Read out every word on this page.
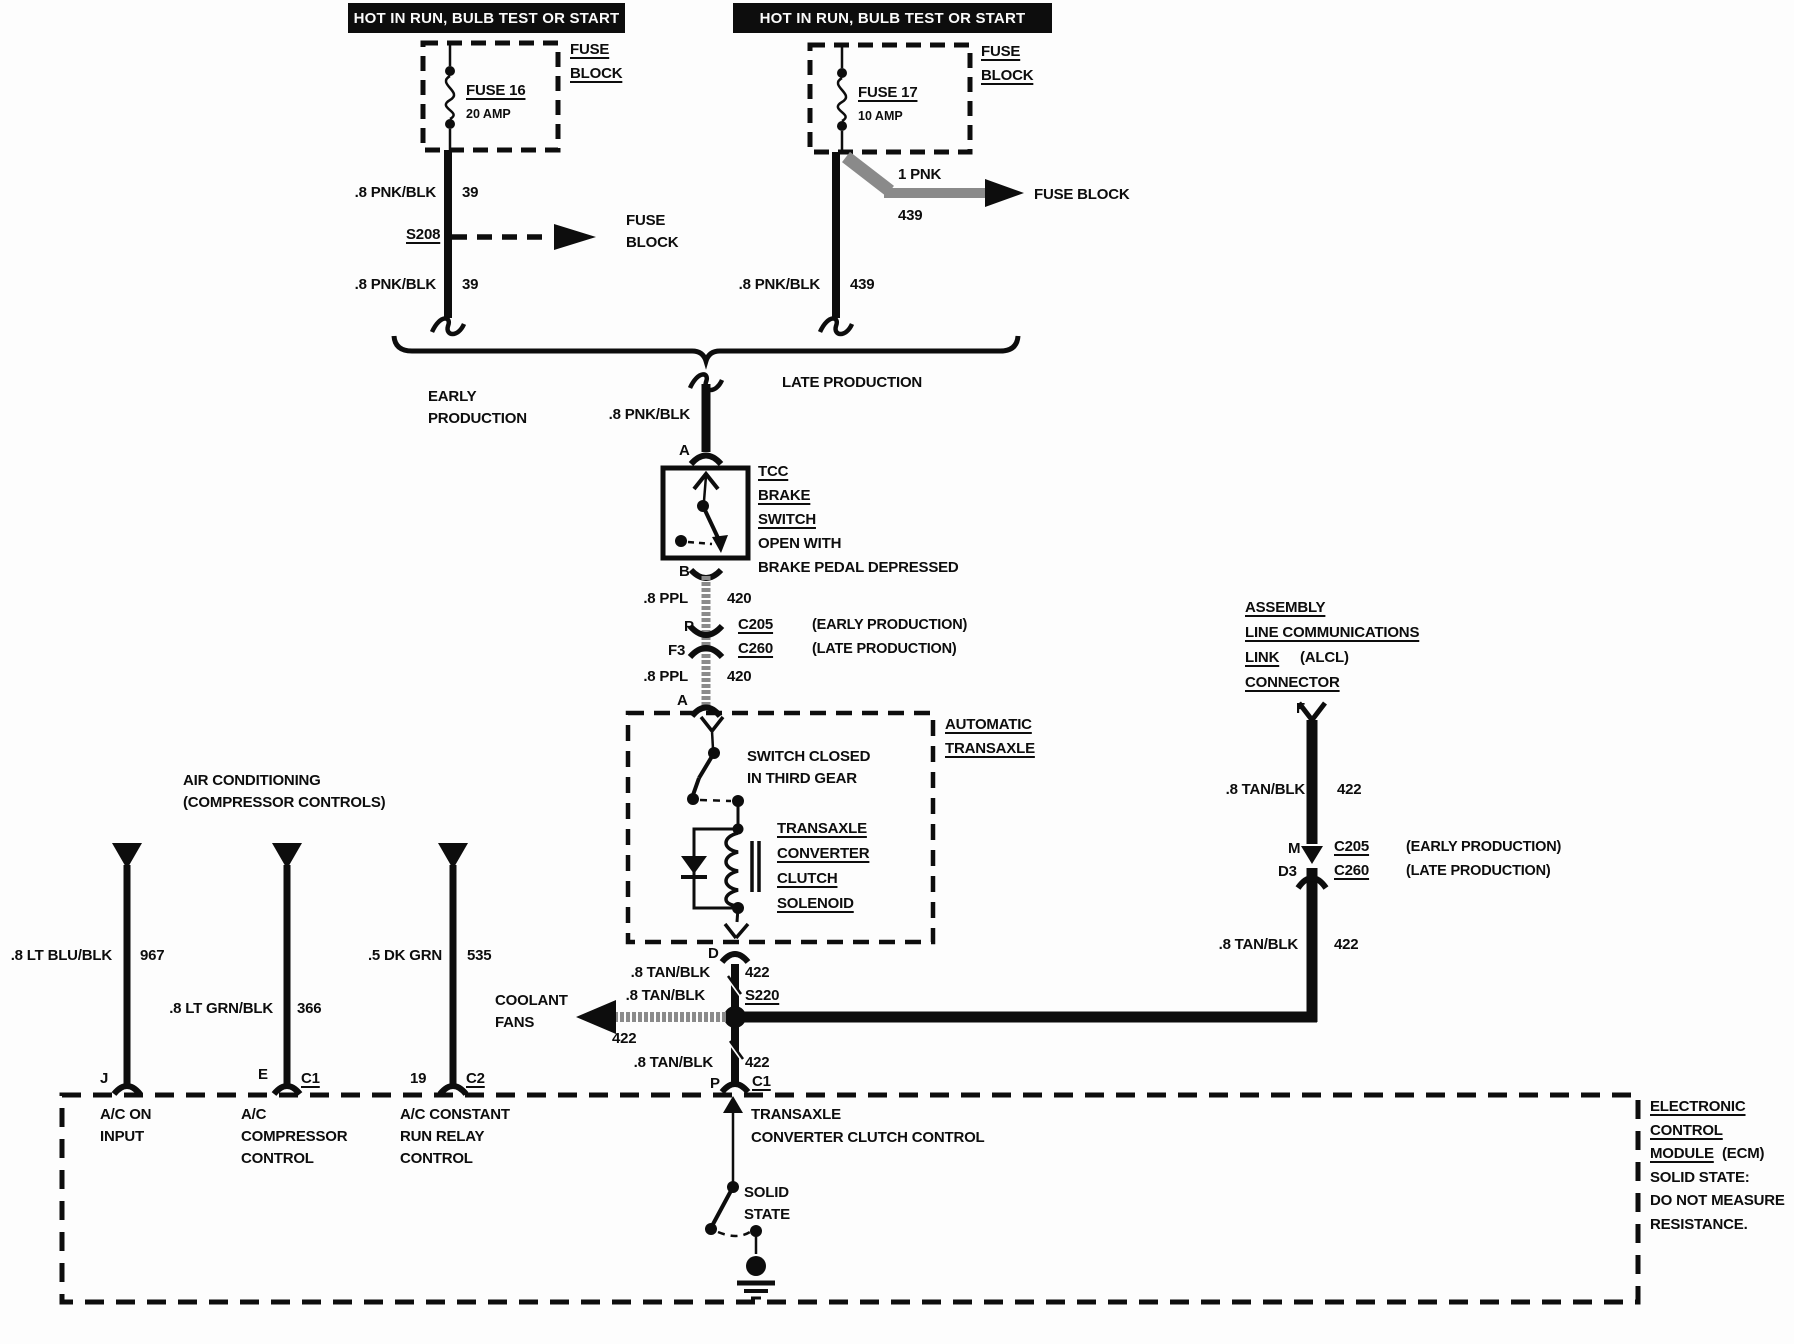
HOT IN RUN, BULB TEST OR START	HOT IN RUN, BULB TEST OR START
FUSE 16
20 AMP
FUSE
BLOCK
FUSE 17
10 AMP
FUSE
BLOCK
.8 PNK/BLK 39
S208
FUSE BLOCK
.8 PNK/BLK 39
1 PNK
439
FUSE BLOCK
.8 PNK/BLK 439
EARLY PRODUCTION
LATE PRODUCTION
.8 PNK/BLK
A
TCC
BRAKE
SWITCH
OPEN WITH
BRAKE PEDAL DEPRESSED
B
.8 PPL	420
P	C205	(EARLY PRODUCTION)
F3	C260	(LATE PRODUCTION)
.8 PPL	420
A
AUTOMATIC
TRANSAXLE
SWITCH CLOSED IN THIRD GEAR
TRANSAXLE
CONVERTER
CLUTCH
SOLENOID
D
.8 TAN/BLK 422
.8 TAN/BLK	S220
COOLANT FANS
422
.8 TAN/BLK 422
P C1
ASSEMBLY
LINE COMMUNICATIONS
LINK (ALCL)
CONNECTOR
F
.8 TAN/BLK 422
M C205	(EARLY PRODUCTION)
D3 C260	(LATE PRODUCTION)
.8 TAN/BLK 422
AIR CONDITIONING (COMPRESSOR CONTROLS)
.8 LT BLU/BLK 967
.8 LT GRN/BLK 366
.5 DK GRN 535
J	E C1	19	C2
A/C ON INPUT
A/C COMPRESSOR CONTROL
A/C CONSTANT RUN RELAY CONTROL
TRANSAXLE
CONVERTER CLUTCH CONTROL
SOLID STATE
ELECTRONIC
CONTROL
MODULE (ECM)
SOLID STATE:
DO NOT MEASURE
RESISTANCE.
